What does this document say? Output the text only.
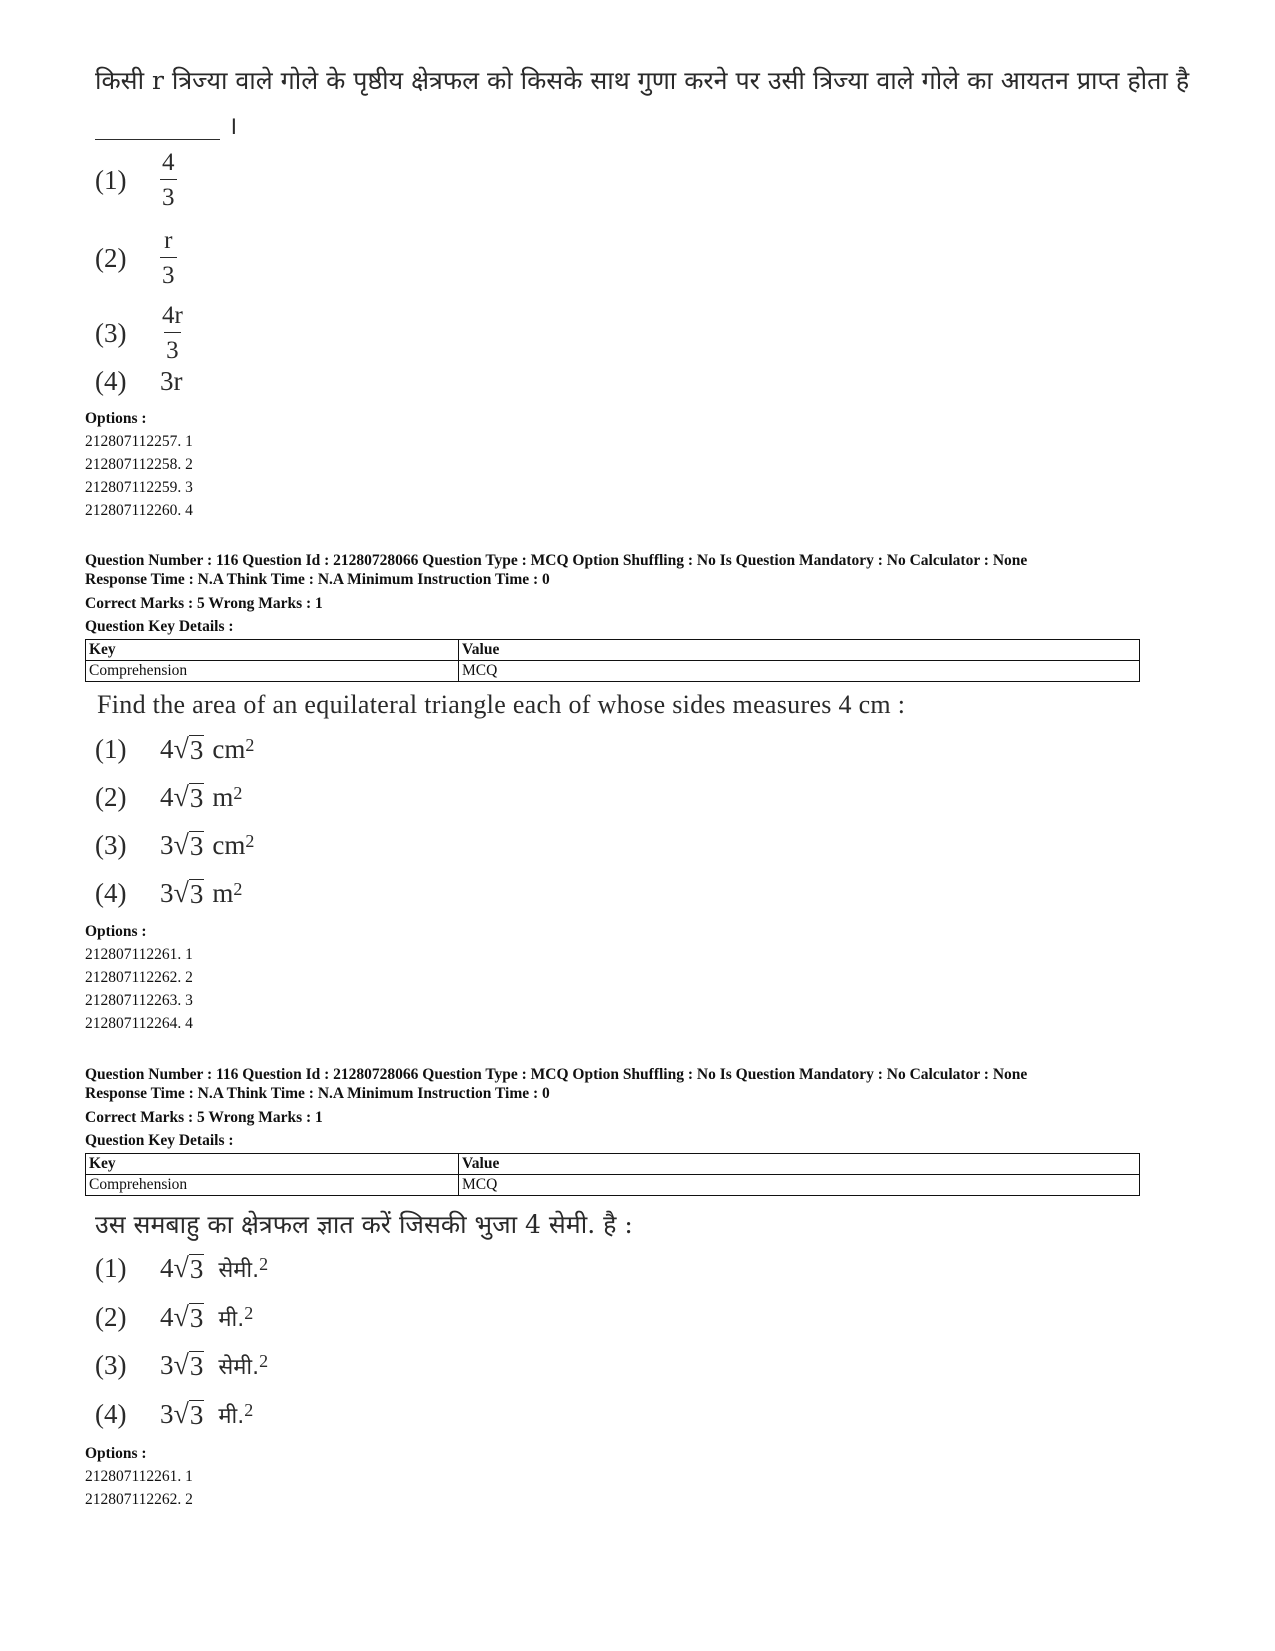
किसी r त्रिज्या वाले गोले के पृष्ठीय क्षेत्रफल को किसके साथ गुणा करने पर उसी त्रिज्या वाले गोले का आयतन प्राप्त होता है
__________ ।
(1)	$\frac{4}{3}$
(2)	$\frac{r}{3}$
(3)	$\frac{4r}{3}$
(4)	3r
Options :
212807112257. 1
212807112258. 2
212807112259. 3
212807112260. 4
Question Number : 116 Question Id : 21280728066 Question Type : MCQ Option Shuffling : No Is Question Mandatory : No Calculator : None
Response Time : N.A Think Time : N.A Minimum Instruction Time : 0
Correct Marks : 5 Wrong Marks : 1
Question Key Details :
Key	Value
Comprehension	MCQ
Find the area of an equilateral triangle each of whose sides measures 4 cm :
(1)	4 √ 3 cm 2
(2)	4 √ 3 m 2
(3)	3 √ 3 cm 2
(4)	3 √ 3 m 2
Options :
212807112261. 1
212807112262. 2
212807112263. 3
212807112264. 4
Question Number : 116 Question Id : 21280728066 Question Type : MCQ Option Shuffling : No Is Question Mandatory : No Calculator : None
Response Time : N.A Think Time : N.A Minimum Instruction Time : 0
Correct Marks : 5 Wrong Marks : 1
Question Key Details :
Key	Value
Comprehension	MCQ
उस समबाहु का क्षेत्रफल ज्ञात करें जिसकी भुजा 4 सेमी. है :
(1)	4 √ 3 सेमी. 2
(2)	4 √ 3 मी. 2
(3)	3 √ 3 सेमी. 2
(4)	3 √ 3 मी. 2
Options :
212807112261. 1
212807112262. 2
